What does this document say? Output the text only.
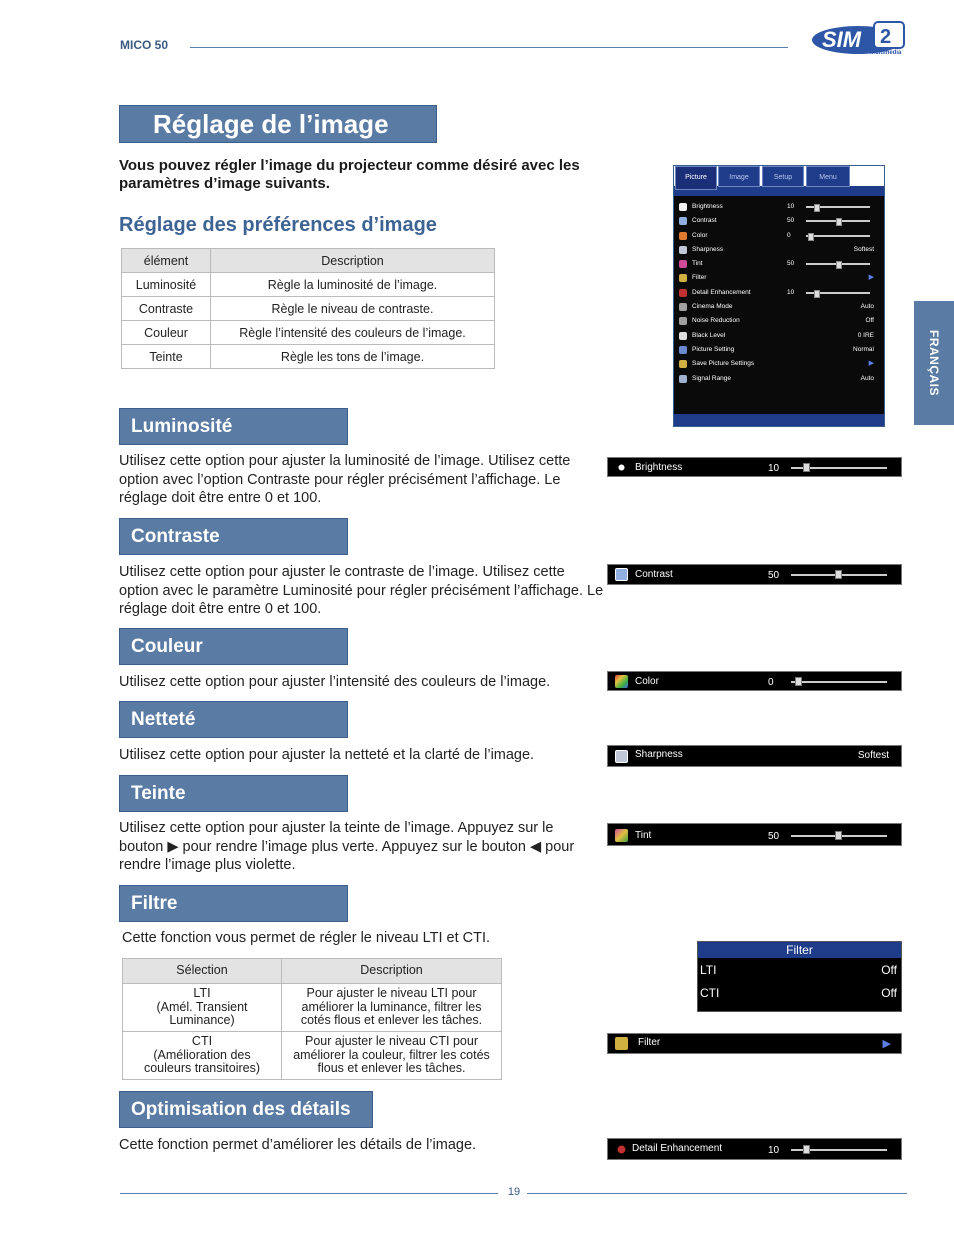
MICO 50	SIM 2
Multimedia
Réglage de l’image
Vous pouvez régler l’image du projecteur comme désiré avec les paramètres d’image suivants.
Réglage des préférences d’image
élément	Description
Luminosité	Règle la luminosité de l’image.
Contraste	Règle le niveau de contraste.
Couleur	Règle l’intensité des couleurs de l’image.
Teinte	Règle les tons de l’image.
Picture	Image	Setup	Menu
Brightness	10
Contrast	50
Color	0
Sharpness	Softest
Tint	50
Filter	▶
Detail Enhancement	10
Cinema Mode	Auto
Noise Reduction	Off
Black Level	0 IRE
Picture Setting	Normal
Save Picture Settings	▶
Signal Range	Auto	FRANÇAIS
Luminosité
Utilisez cette option pour ajuster la luminosité de l’image. Utilisez cette option avec l’option Contraste pour régler précisément l’affichage. Le réglage doit être entre 0 et 100.
Brightness	10
Contraste
Utilisez cette option pour ajuster le contraste de l’image. Utilisez cette option avec le paramètre Luminosité pour régler précisément l’affichage. Le réglage doit être entre 0 et 100.
Contrast	50
Couleur
Utilisez cette option pour ajuster l’intensité des couleurs de l’image.	Color	0
Netteté
Utilisez cette option pour ajuster la netteté et la clarté de l’image.	Sharpness	Softest
Teinte
Utilisez cette option pour ajuster la teinte de l’image. Appuyez sur le bouton ▶ pour rendre l’image plus verte. Appuyez sur le bouton ◀ pour rendre l’image plus violette.
Tint	50
Filtre
Cette fonction vous permet de régler le niveau LTI et CTI.
Sélection	Description
LTI
(Amél. Transient
Luminance)	Pour ajuster le niveau LTI pour
améliorer la luminance, filtrer les
cotés flous et enlever les tâches.
CTI
(Amélioration des
couleurs transitoires)	Pour ajuster le niveau CTI pour
améliorer la couleur, filtrer les cotés
flous et enlever les tâches.
Filter
LTI	Off
CTI	Off
Filter	▶
Optimisation des détails
Cette fonction permet d’améliorer les détails de l’image.	Detail Enhancement	10
19
